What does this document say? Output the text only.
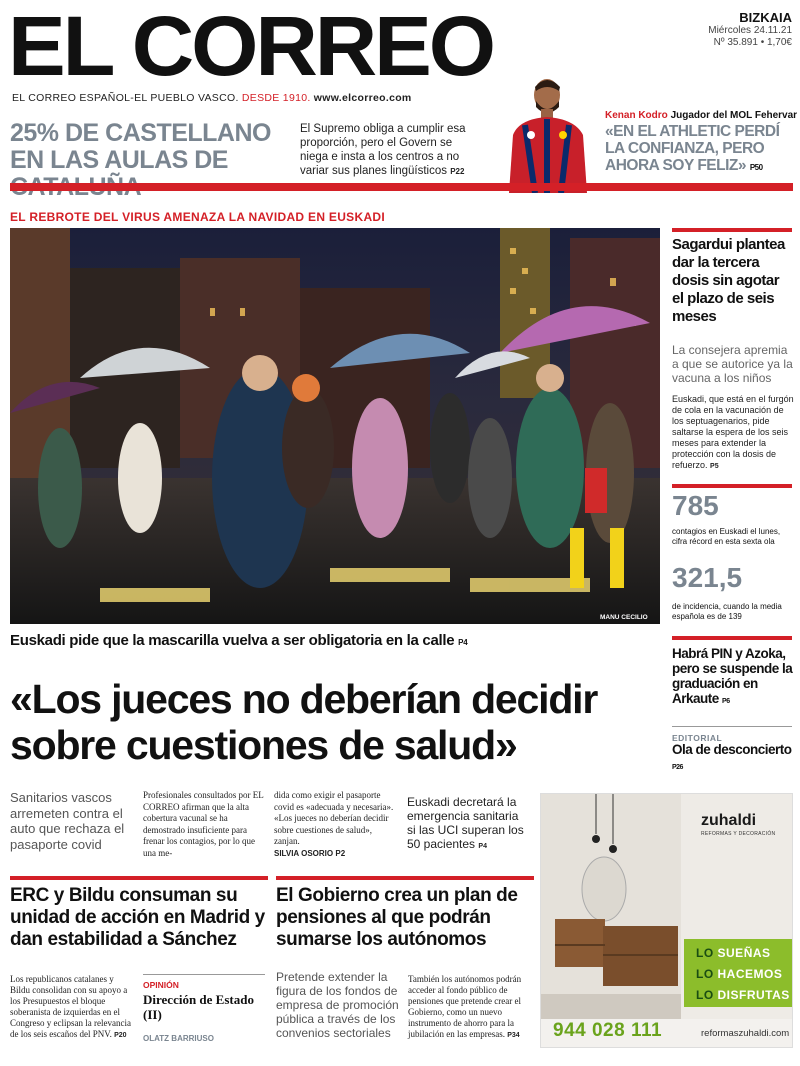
EL CORREO	BIZKAIA
Miércoles 24.11.21
Nº 35.891 • 1,70€
EL CORREO ESPAÑOL-EL PUEBLO VASCO. DESDE 1910. www.elcorreo.com
25% DE CASTELLANO EN LAS AULAS DE
El Supremo obliga a cumplir esa proporción, pero el Govern se niega e insta a los centros a no variar sus planes lingüísticos P22
Kenan Kodro Jugador del MOL Fehervar
«EN EL ATHLETIC PERDÍ LA CONFIANZA, PERO AHORA SOY FELIZ» P50
EL REBROTE DEL VIRUS AMENAZA LA NAVIDAD EN EUSKADI
MANU CECILIO
Euskadi pide que la mascarilla vuelva a ser obligatoria en la calle P4
Sagardui plantea dar la tercera dosis sin agotar el plazo de seis meses
La consejera apremia a que se autorice ya la vacuna a los niños
Euskadi, que está en el furgón de cola en la vacunación de los septuagenarios, pide saltarse la espera de los seis meses para extender la protección con la dosis de refuerzo. P5
785
contagios en Euskadi el lunes, cifra récord en esta sexta ola
321,5
de incidencia, cuando la media española es de 139
Habrá PIN y Azoka, pero se suspende la graduación en Arkaute P6
EDITORIAL
Ola de desconcierto P26
«Los jueces no deberían decidir sobre cuestiones de salud»
Sanitarios vascos arremeten contra el auto que rechaza el pasaporte covid
Profesionales consultados por EL CORREO afirman que la alta cobertura vacunal se ha demostrado insuficiente para frenar los contagios, por lo que una me-
dida como exigir el pasaporte covid es «adecuada y necesaria». «Los jueces no deberían decidir sobre cuestiones de salud», zanjan.
SILVIA OSORIO P2
Euskadi decretará la emergencia sanitaria si las UCI superan los 50 pacientes P4
ERC y Bildu consuman su unidad de acción en Madrid y dan estabilidad a Sánchez
Los republicanos catalanes y Bildu consolidan con su apoyo a los Presupuestos el bloque soberanista de izquierdas en el Congreso y eclipsan la relevancia de los seis escaños del PNV. P20
OPINIÓN
Dirección de Estado (II)
OLATZ BARRIUSO
El Gobierno crea un plan de pensiones al que podrán sumarse los autónomos
Pretende extender la figura de los fondos de empresa de promoción pública a través de los convenios sectoriales
También los autónomos podrán acceder al fondo público de pensiones que pretende crear el Gobierno, como un nuevo instrumento de ahorro para la jubilación en las empresas. P34
zuhaldi
REFORMAS Y DECORACIÓN
LO SUEÑAS
LO HACEMOS
LO DISFRUTAS
944 028 111	reformaszuhaldi.com
